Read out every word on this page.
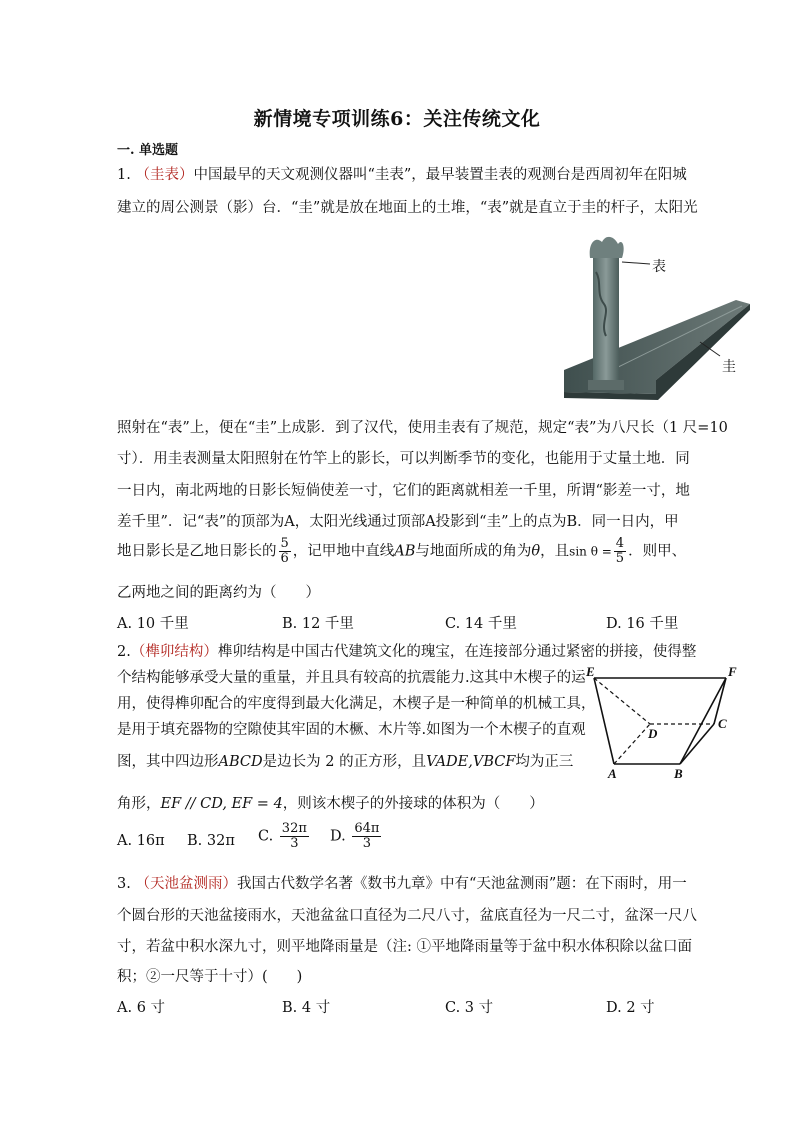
新情境专项训练6：关注传统文化
一. 单选题
1. （圭表）中国最早的天文观测仪器叫“圭表”，最早装置圭表的观测台是西周初年在阳城
建立的周公测景（影）台．“圭”就是放在地面上的土堆，“表”就是直立于圭的杆子，太阳光
表
圭
照射在“表”上，便在“圭”上成影．到了汉代，使用圭表有了规范，规定“表”为八尺长（1 尺=10
寸）．用圭表测量太阳照射在竹竿上的影长，可以判断季节的变化，也能用于丈量土地．同
一日内，南北两地的日影长短倘使差一寸，它们的距离就相差一千里，所谓“影差一寸，地
差千里”．记“表”的顶部为A，太阳光线通过顶部A投影到“圭”上的点为B．同一日内，甲
地日影长是乙地日影长的 $\frac{5}{6}$ ，记甲地中直线AB与地面所成的角为θ，且$\sin \theta = \frac{4}{5}$ ．则甲、
乙两地之间的距离约为（　　）
A. 10 千里	B. 12 千里	C. 14 千里	D. 16 千里
2.（榫卯结构）榫卯结构是中国古代建筑文化的瑰宝，在连接部分通过紧密的拼接，使得整
个结构能够承受大量的重量，并且具有较高的抗震能力.这其中木楔子的运
用，使得榫卯配合的牢度得到最大化满足，木楔子是一种简单的机械工具，
是用于填充器物的空隙使其牢固的木橛、木片等.如图为一个木楔子的直观
图，其中四边形ABCD是边长为 2 的正方形，且VADE,VBCF均为正三
角形，EF // CD, EF = 4，则该木楔子的外接球的体积为（　　）
E	F
D
C
A	B
A. 16π B. 32π C. $\frac{32\pi}{3} D$. $\frac{64\pi}{3}$
3. （天池盆测雨）我国古代数学名著《数书九章》中有“天池盆测雨”题：在下雨时，用一
个圆台形的天池盆接雨水，天池盆盆口直径为二尺八寸，盆底直径为一尺二寸，盆深一尺八
寸，若盆中积水深九寸，则平地降雨量是（注: ①平地降雨量等于盆中积水体积除以盆口面
积；②一尺等于十寸）(　　)
A. 6 寸	B. 4 寸	C. 3 寸	D. 2 寸
